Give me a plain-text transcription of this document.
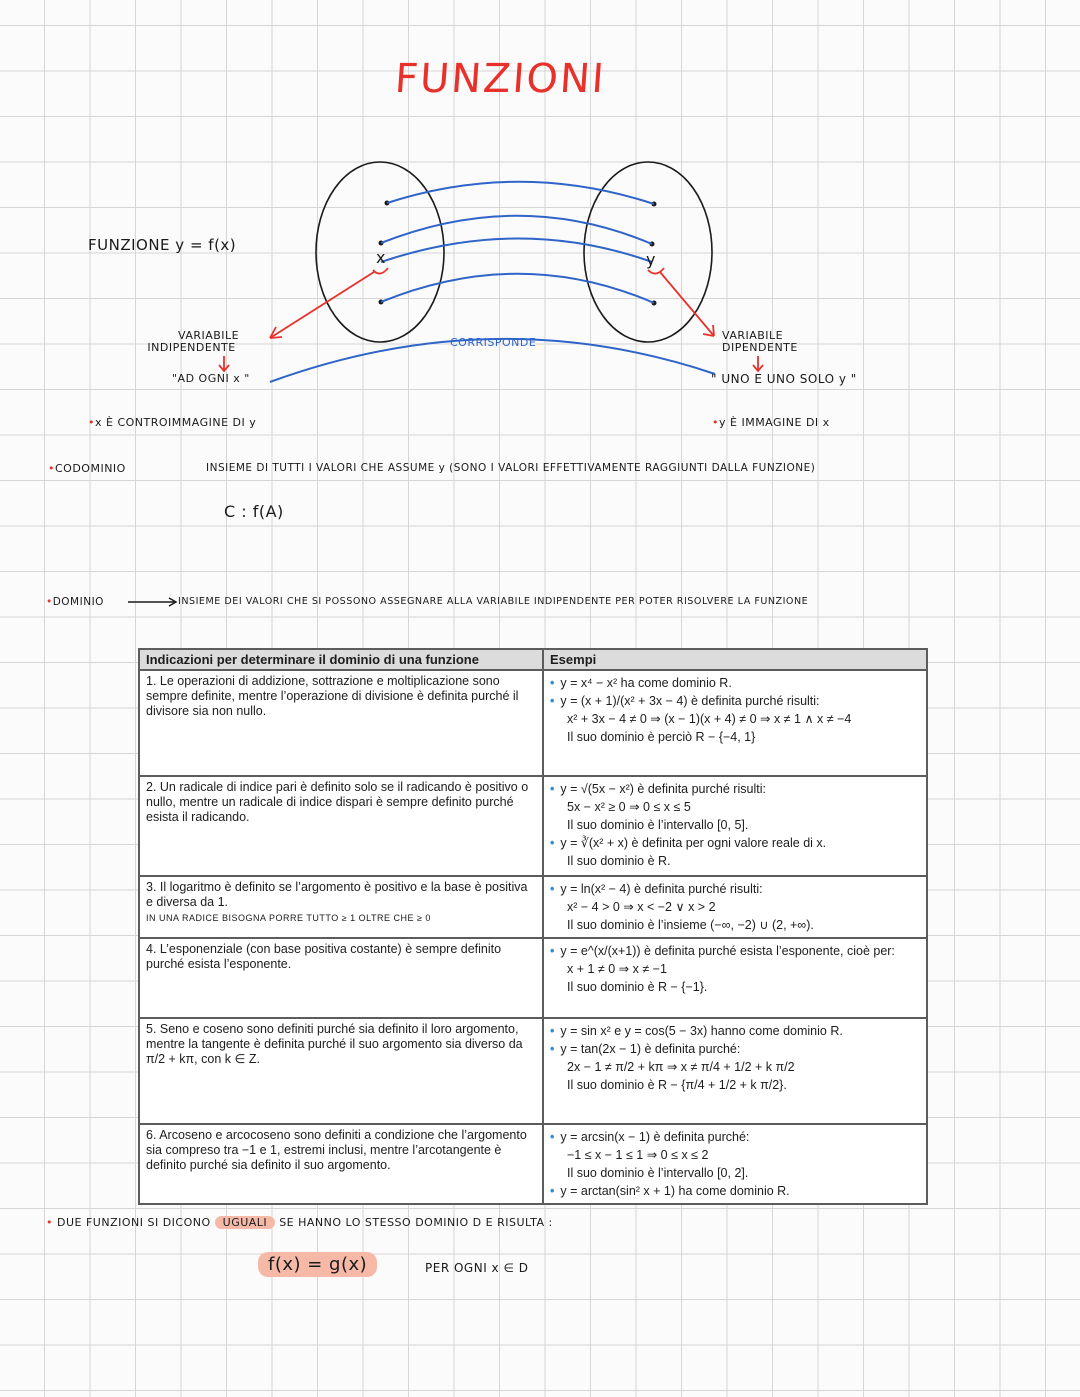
FUNZIONI
FUNZIONE y = f(x)
x	y
CORRISPONDE
VARIABILE
INDIPENDENTE
VARIABILE
DIPENDENTE
"AD OGNI x "	" UNO E UNO SOLO y "
•x È CONTROIMMAGINE DI y	•y È IMMAGINE DI x
•CODOMINIO	INSIEME DI TUTTI I VALORI CHE ASSUME y (SONO I VALORI EFFETTIVAMENTE RAGGIUNTI DALLA FUNZIONE)
C : f(A)
•DOMINIO	INSIEME DEI VALORI CHE SI POSSONO ASSEGNARE ALLA VARIABILE INDIPENDENTE PER POTER RISOLVERE LA FUNZIONE
Indicazioni per determinare il dominio di una funzione	Esempi
1. Le operazioni di addizione, sottrazione e moltiplicazione sono sempre definite, mentre l’operazione di divisione è definita purché il divisore sia non nullo.	• y = x⁴ − x² ha come dominio R.
• y = (x + 1)/(x² + 3x − 4) è definita purché risulti:
x² + 3x − 4 ≠ 0 ⇒ (x − 1)(x + 4) ≠ 0 ⇒ x ≠ 1 ∧ x ≠ −4
Il suo dominio è perciò R − {−4, 1}

2. Un radicale di indice pari è definito solo se il radicando è positivo o nullo, mentre un radicale di indice dispari è sempre definito purché esista il radicando.	• y = √(5x − x²) è definita purché risulti:
5x − x² ≥ 0 ⇒ 0 ≤ x ≤ 5
Il suo dominio è l’intervallo [0, 5].
• y = ∛(x² + x) è definita per ogni valore reale di x.
Il suo dominio è R.

3. Il logaritmo è definito se l’argomento è positivo e la base è positiva e diversa da 1.
IN UNA RADICE BISOGNA PORRE TUTTO ≥ 1 OLTRE CHE ≥ 0	• y = ln(x² − 4) è definita purché risulti:
x² − 4 > 0 ⇒ x < −2 ∨ x > 2
Il suo dominio è l’insieme (−∞, −2) ∪ (2, +∞).

4. L’esponenziale (con base positiva costante) è sempre definito purché esista l’esponente.	• y = e^(x/(x+1)) è definita purché esista l’esponente, cioè per:
x + 1 ≠ 0 ⇒ x ≠ −1
Il suo dominio è R − {−1}.

5. Seno e coseno sono definiti purché sia definito il loro argomento, mentre la tangente è definita purché il suo argomento sia diverso da π/2 + kπ, con k ∈ Z.	• y = sin x² e y = cos(5 − 3x) hanno come dominio R.
• y = tan(2x − 1) è definita purché:
2x − 1 ≠ π/2 + kπ ⇒ x ≠ π/4 + 1/2 + k π/2
Il suo dominio è R − {π/4 + 1/2 + k π/2}.

6. Arcoseno e arcocoseno sono definiti a condizione che l’argomento sia compreso tra −1 e 1, estremi inclusi, mentre l’arcotangente è definito purché sia definito il suo argomento.	• y = arcsin(x − 1) è definita purché:
−1 ≤ x − 1 ≤ 1 ⇒ 0 ≤ x ≤ 2
Il suo dominio è l’intervallo [0, 2].
• y = arctan(sin² x + 1) ha come dominio R.
• DUE FUNZIONI SI DICONO UGUALI SE HANNO LO STESSO DOMINIO D E RISULTA :
f(x) = g(x)	PER OGNI x ∈ D
